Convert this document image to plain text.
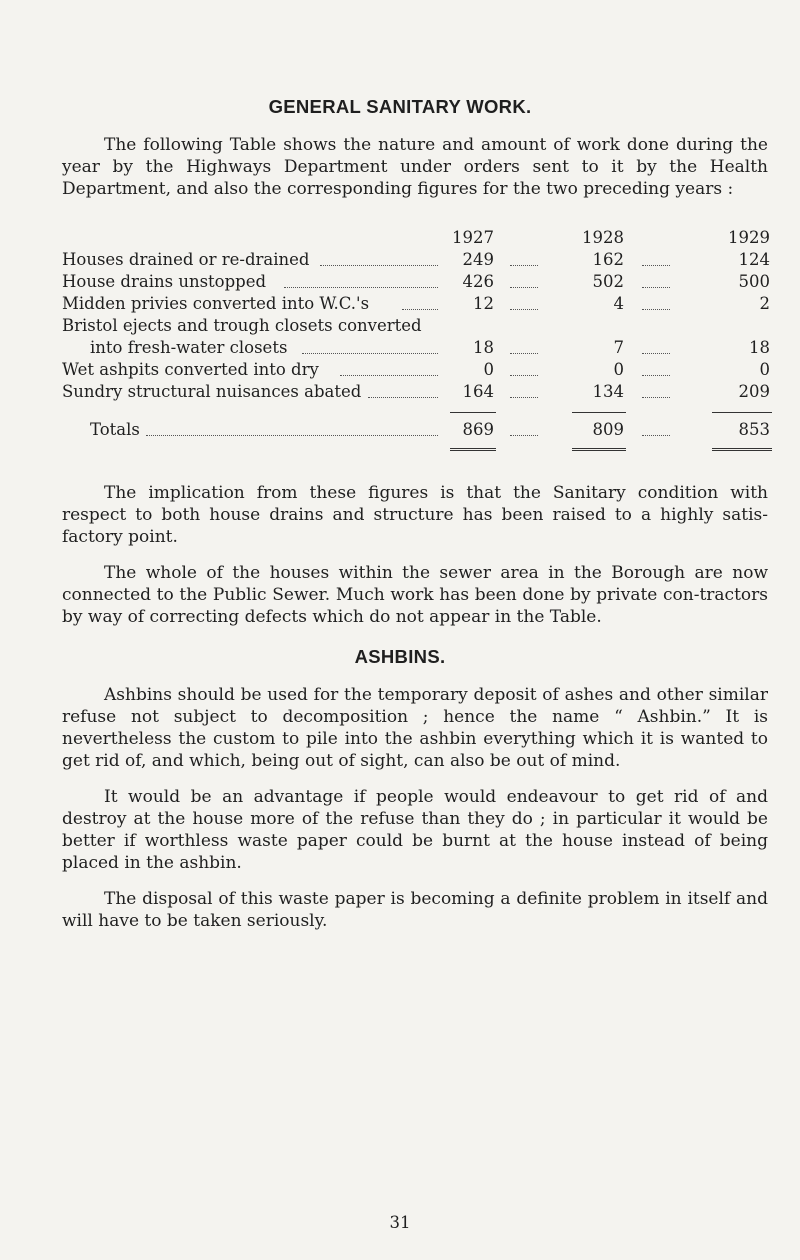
GENERAL SANITARY WORK.

The following Table shows the nature and amount of work done during the year by the Highways Department under orders sent to it by the Health Department, and also the corresponding figures for the two preceding years :

1927	1928	1929
Houses drained or re-drained	249	162	124
House drains unstopped	426	502	500
Midden privies converted into W.C.'s	12	4	2
Bristol ejects and trough closets converted
into fresh-water closets	18	7	18
Wet ashpits converted into dry	0	0	0
Sundry structural nuisances abated	164	134	209
Totals	869	809	853

The implication from these figures is that the Sanitary condition with respect to both house drains and structure has been raised to a highly satis-factory point.

The whole of the houses within the sewer area in the Borough are now connected to the Public Sewer. Much work has been done by private con-tractors by way of correcting defects which do not appear in the Table.

ASHBINS.

Ashbins should be used for the temporary deposit of ashes and other similar refuse not subject to decomposition ; hence the name “ Ashbin.” It is nevertheless the custom to pile into the ashbin everything which it is wanted to get rid of, and which, being out of sight, can also be out of mind.

It would be an advantage if people would endeavour to get rid of and destroy at the house more of the refuse than they do ; in particular it would be better if worthless waste paper could be burnt at the house instead of being placed in the ashbin.

The disposal of this waste paper is becoming a definite problem in itself and will have to be taken seriously.

31
